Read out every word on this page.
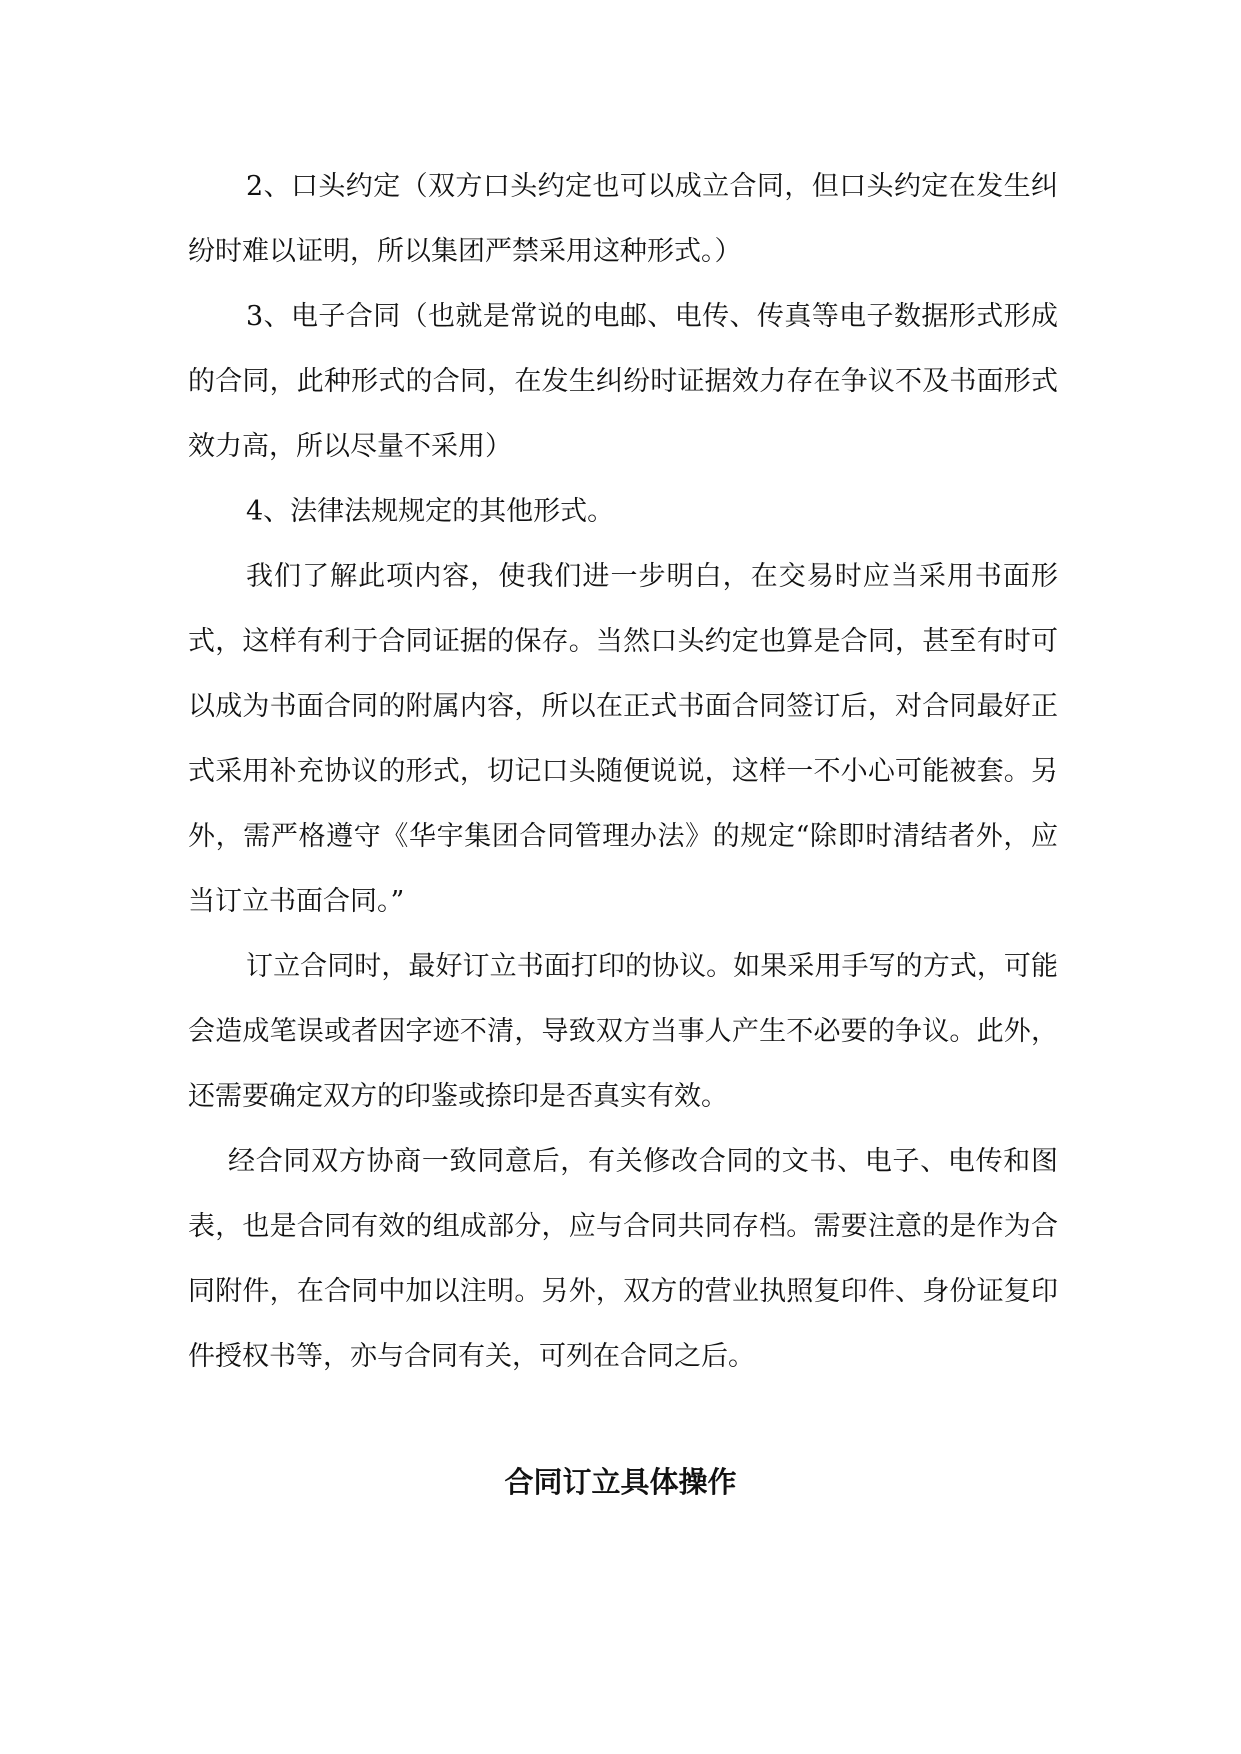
2、口头约定（双方口头约定也可以成立合同，但口头约定在发生纠纷时难以证明，所以集团严禁采用这种形式。）

3、电子合同（也就是常说的电邮、电传、传真等电子数据形式形成的合同，此种形式的合同，在发生纠纷时证据效力存在争议不及书面形式效力高，所以尽量不采用）

4、法律法规规定的其他形式。

我们了解此项内容，使我们进一步明白，在交易时应当采用书面形式，这样有利于合同证据的保存。当然口头约定也算是合同，甚至有时可以成为书面合同的附属内容，所以在正式书面合同签订后，对合同最好正式采用补充协议的形式，切记口头随便说说，这样一不小心可能被套。另外，需严格遵守《华宇集团合同管理办法》的规定“除即时清结者外，应当订立书面合同。”

订立合同时，最好订立书面打印的协议。如果采用手写的方式，可能会造成笔误或者因字迹不清，导致双方当事人产生不必要的争议。此外，还需要确定双方的印鉴或捺印是否真实有效。

经合同双方协商一致同意后，有关修改合同的文书、电子、电传和图表，也是合同有效的组成部分，应与合同共同存档。需要注意的是作为合同附件，在合同中加以注明。另外，双方的营业执照复印件、身份证复印件授权书等，亦与合同有关，可列在合同之后。

合同订立具体操作
